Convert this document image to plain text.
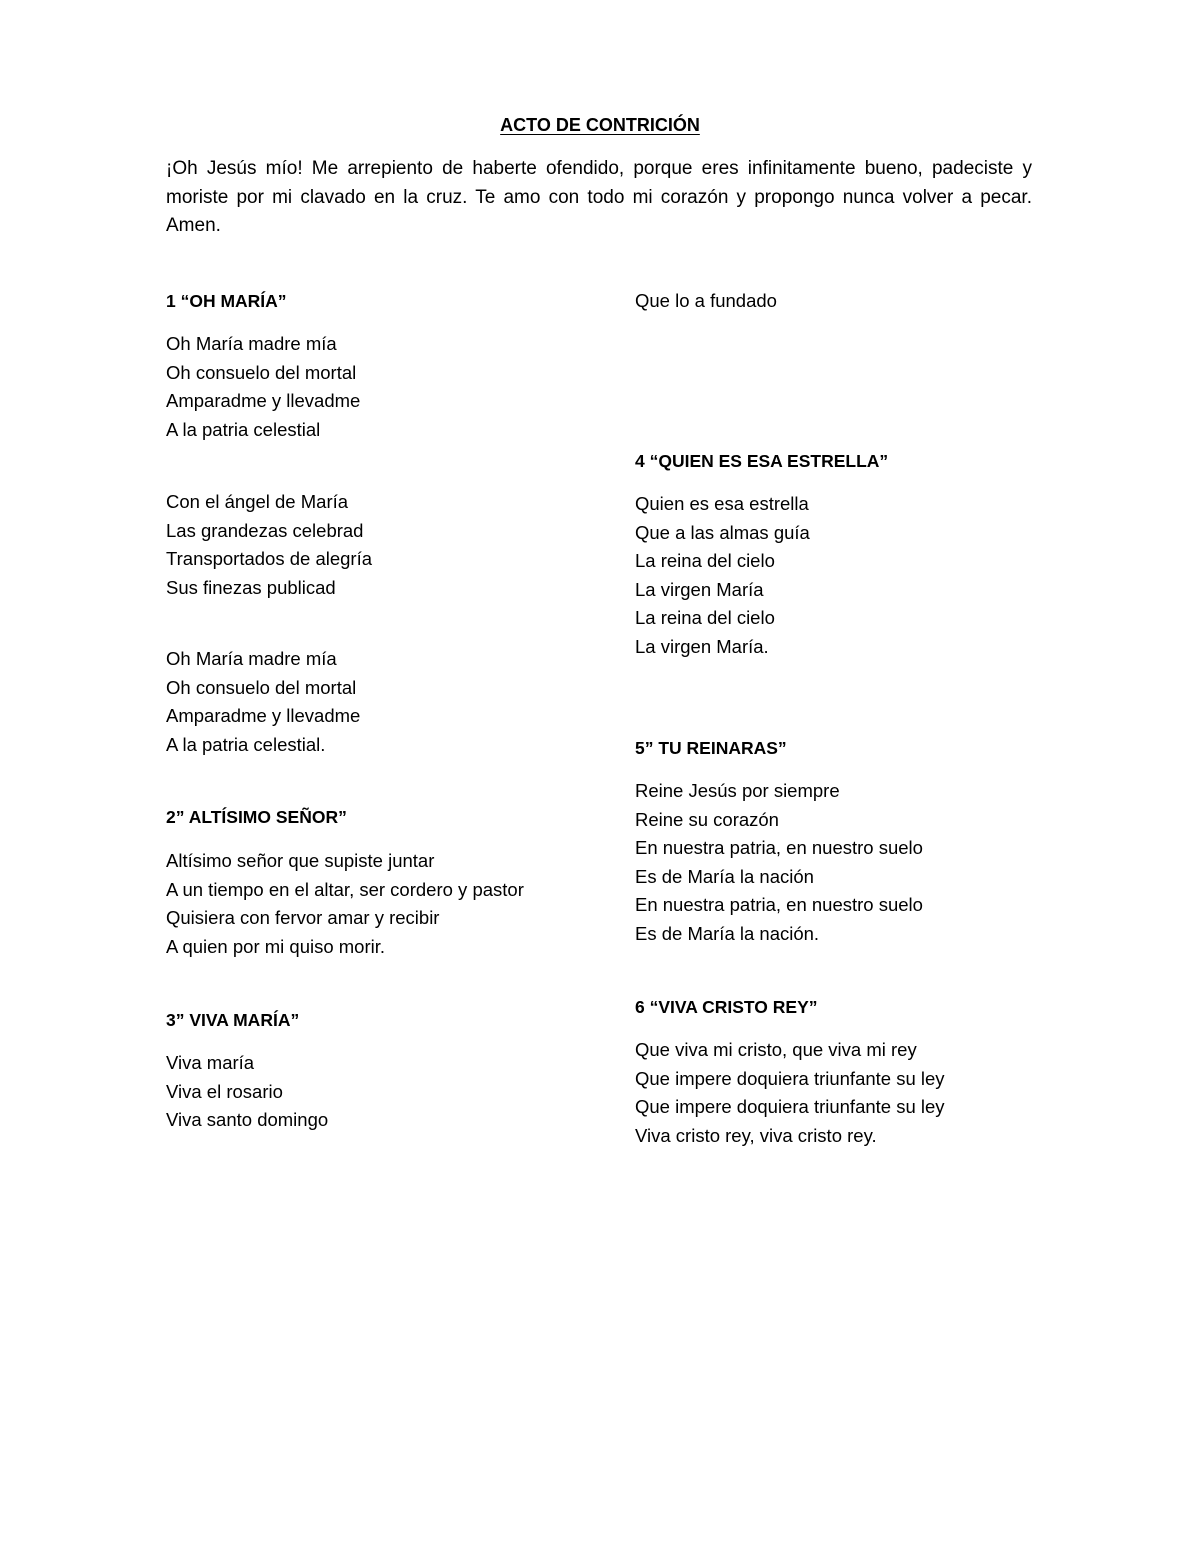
ACTO DE CONTRICIÓN
¡Oh Jesús mío! Me arrepiento de haberte ofendido, porque eres infinitamente bueno, padeciste y moriste por mi clavado en la cruz. Te amo con todo mi corazón y propongo nunca volver a pecar. Amen.
1 “OH MARÍA”
Oh María madre mía
Oh consuelo del mortal
Amparadme y llevadme
A la patria celestial
Con el ángel de María
Las grandezas celebrad
Transportados de alegría
Sus finezas publicad
Oh María madre mía
Oh consuelo del mortal
Amparadme y llevadme
A la patria celestial.
2” ALTÍSIMO SEÑOR”
Altísimo señor que supiste juntar
A un tiempo en el altar, ser cordero y pastor
Quisiera con fervor amar y recibir
A quien por mi quiso morir.
3” VIVA MARÍA”
Viva maría
Viva el rosario
Viva santo domingo
Que lo a fundado
4 “QUIEN ES ESA ESTRELLA”
Quien es esa estrella
Que a las almas guía
La reina del cielo
La virgen María
La reina del cielo
La virgen María.
5” TU REINARAS”
Reine Jesús por siempre
Reine su corazón
En nuestra patria, en nuestro suelo
Es de María la nación
En nuestra patria, en nuestro suelo
Es de María la nación.
6 “VIVA CRISTO REY”
Que viva mi cristo, que viva mi rey
Que impere doquiera triunfante su ley
Que impere doquiera triunfante su ley
Viva cristo rey, viva cristo rey.
